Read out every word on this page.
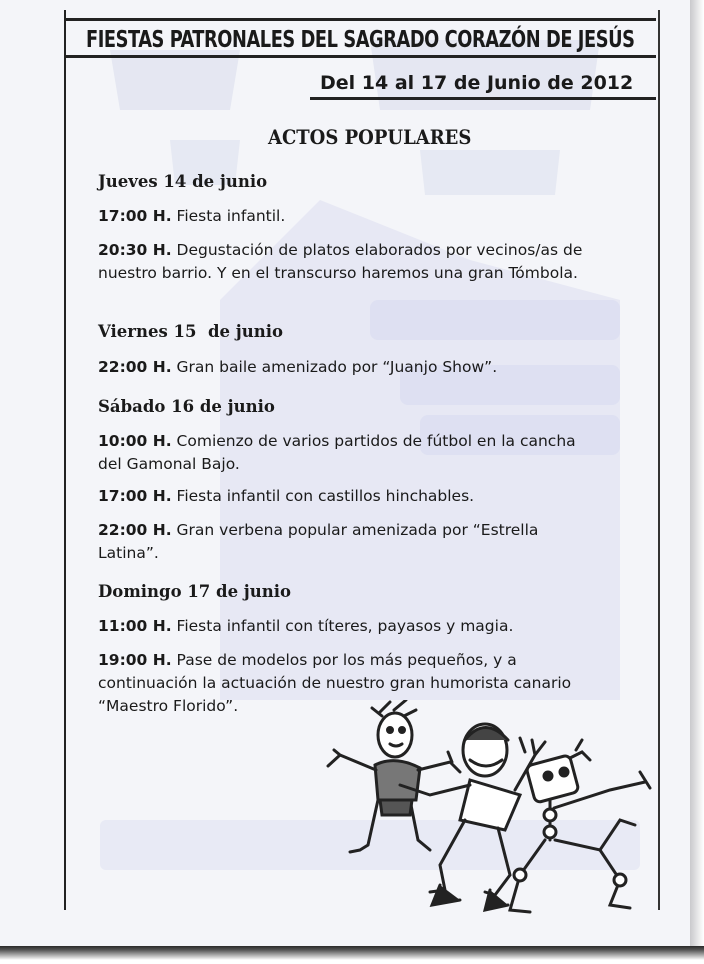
FIESTAS PATRONALES DEL SAGRADO CORAZÓN DE JESÚS
Del 14 al 17 de Junio de 2012
ACTOS POPULARES

Jueves 14 de junio

17:00 H. Fiesta infantil.

20:30 H. Degustación de platos elaborados por vecinos/as de nuestro barrio. Y en el transcurso haremos una gran Tómbola.

Viernes 15  de junio

22:00 H. Gran baile amenizado por “Juanjo Show”.

Sábado 16 de junio

10:00 H. Comienzo de varios partidos de fútbol en la cancha del Gamonal Bajo.

17:00 H. Fiesta infantil con castillos hinchables.

22:00 H. Gran verbena popular amenizada por “Estrella Latina”.

Domingo 17 de junio

11:00 H. Fiesta infantil con títeres, payasos y magia.

19:00 H. Pase de modelos por los más pequeños, y a continuación la actuación de nuestro gran humorista canario “Maestro Florido”.
